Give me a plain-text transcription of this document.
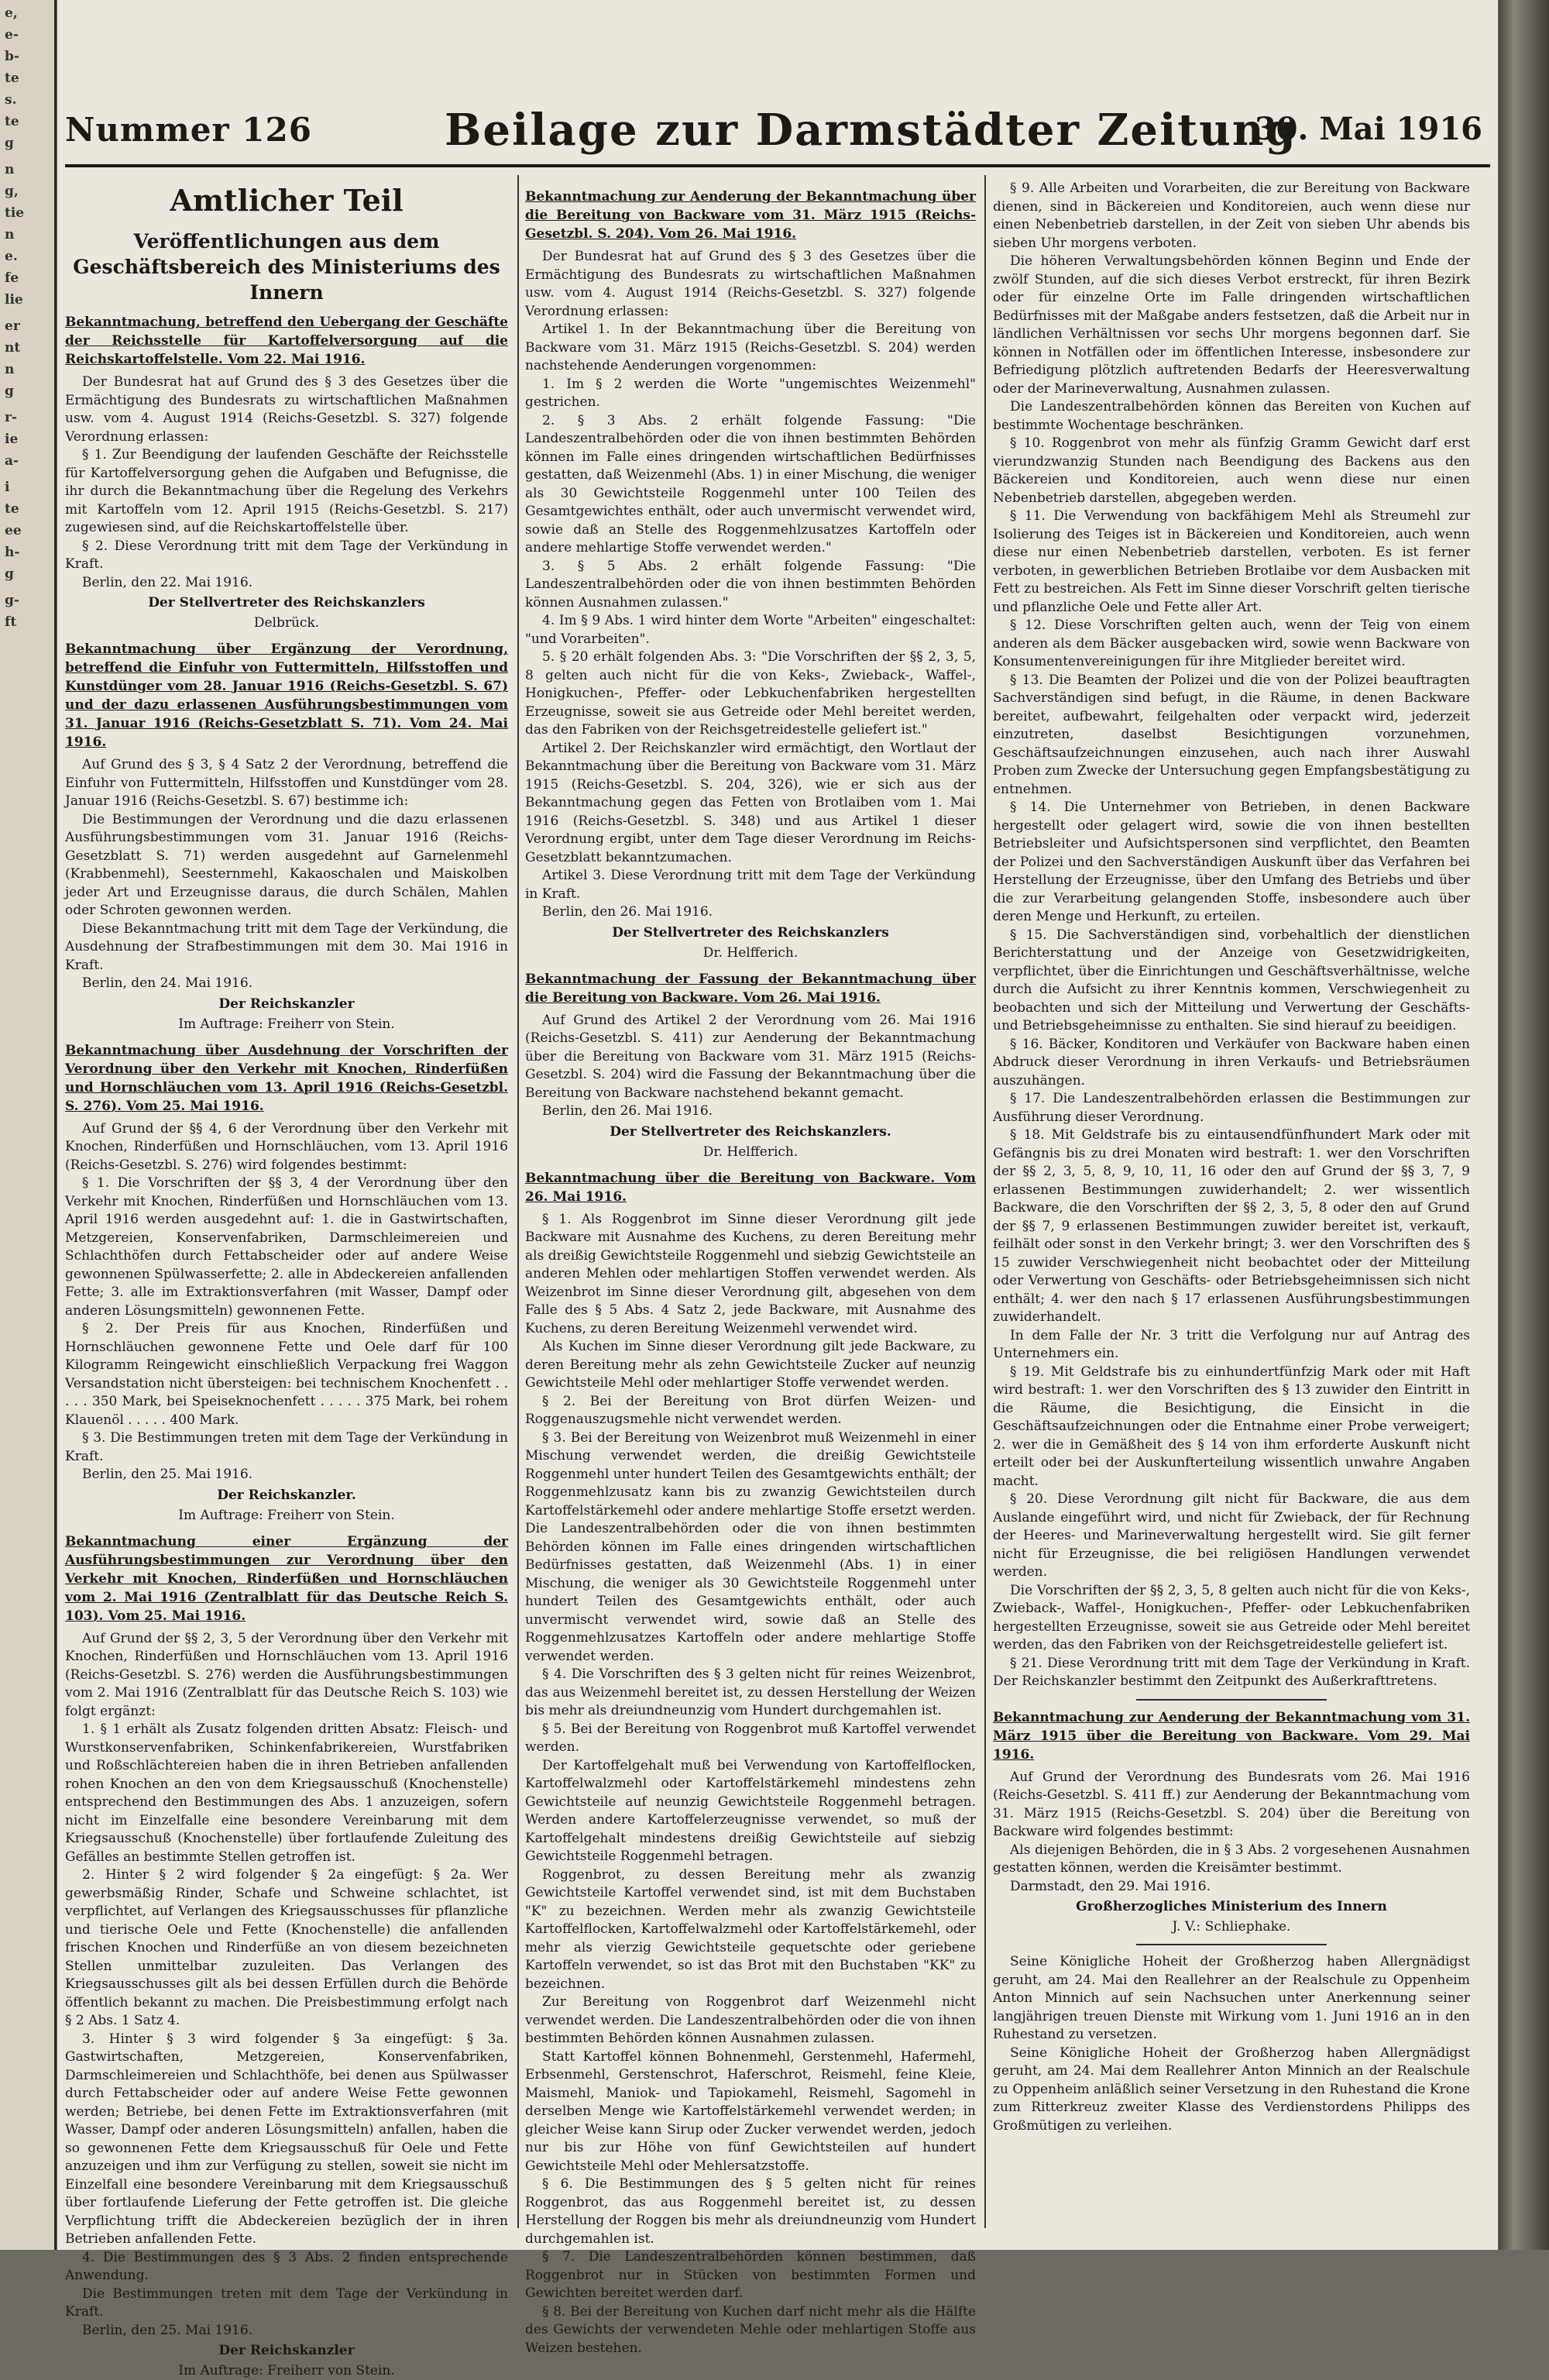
e,
e-
b-
te
s.
te
g
n
g,
tie
n
e.
fe
lie
er
nt
n
g
r-
ie
a-
i
te
ee
h-
g
g-
ft
Nummer 126	Beilage zur Darmstädter Zeitung
30. Mai 1916
Amtlicher Teil
Veröffentlichungen aus dem Geschäftsbereich des Ministeriums des Innern
Bekanntmachung, betreffend den Uebergang der Geschäfte der Reichsstelle für Kartoffelversorgung auf die Reichskartoffelstelle. Vom 22. Mai 1916.
Der Bundesrat hat auf Grund des § 3 des Gesetzes über die Ermächtigung des Bundesrats zu wirtschaftlichen Maßnahmen usw. vom 4. August 1914 (Reichs-Gesetzbl. S. 327) folgende Verordnung erlassen:
§ 1. Zur Beendigung der laufenden Geschäfte der Reichsstelle für Kartoffelversorgung gehen die Aufgaben und Befugnisse, die ihr durch die Bekanntmachung über die Regelung des Verkehrs mit Kartoffeln vom 12. April 1915 (Reichs-Gesetzbl. S. 217) zugewiesen sind, auf die Reichskartoffelstelle über.
§ 2. Diese Verordnung tritt mit dem Tage der Verkündung in Kraft.
Berlin, den 22. Mai 1916.
Der Stellvertreter des Reichskanzlers
Delbrück.
Bekanntmachung über Ergänzung der Verordnung, betreffend die Einfuhr von Futtermitteln, Hilfsstoffen und Kunstdünger vom 28. Januar 1916 (Reichs-Gesetzbl. S. 67) und der dazu erlassenen Ausführungsbestimmungen vom 31. Januar 1916 (Reichs-Gesetzblatt S. 71). Vom 24. Mai 1916.
Auf Grund des § 3, § 4 Satz 2 der Verordnung, betreffend die Einfuhr von Futtermitteln, Hilfsstoffen und Kunstdünger vom 28. Januar 1916 (Reichs-Gesetzbl. S. 67) bestimme ich:
Die Bestimmungen der Verordnung und die dazu erlassenen Ausführungsbestimmungen vom 31. Januar 1916 (Reichs-Gesetzblatt S. 71) werden ausgedehnt auf Garnelenmehl (Krabbenmehl), Seesternmehl, Kakaoschalen und Maiskolben jeder Art und Erzeugnisse daraus, die durch Schälen, Mahlen oder Schroten gewonnen werden.
Diese Bekanntmachung tritt mit dem Tage der Verkündung, die Ausdehnung der Strafbestimmungen mit dem 30. Mai 1916 in Kraft.
Berlin, den 24. Mai 1916.
Der Reichskanzler
Im Auftrage: Freiherr von Stein.
Bekanntmachung über Ausdehnung der Vorschriften der Verordnung über den Verkehr mit Knochen, Rinderfüßen und Hornschläuchen vom 13. April 1916 (Reichs-Gesetzbl. S. 276). Vom 25. Mai 1916.
Auf Grund der §§ 4, 6 der Verordnung über den Verkehr mit Knochen, Rinderfüßen und Hornschläuchen, vom 13. April 1916 (Reichs-Gesetzbl. S. 276) wird folgendes bestimmt:
§ 1. Die Vorschriften der §§ 3, 4 der Verordnung über den Verkehr mit Knochen, Rinderfüßen und Hornschläuchen vom 13. April 1916 werden ausgedehnt auf: 1. die in Gastwirtschaften, Metzgereien, Konservenfabriken, Darmschleimereien und Schlachthöfen durch Fettabscheider oder auf andere Weise gewonnenen Spülwasserfette; 2. alle in Abdeckereien anfallenden Fette; 3. alle im Extraktionsverfahren (mit Wasser, Dampf oder anderen Lösungsmitteln) gewonnenen Fette.
§ 2. Der Preis für aus Knochen, Rinderfüßen und Hornschläuchen gewonnene Fette und Oele darf für 100 Kilogramm Reingewicht einschließlich Verpackung frei Waggon Versandstation nicht übersteigen: bei technischem Knochenfett . . . . . 350 Mark, bei Speiseknochenfett . . . . . 375 Mark, bei rohem Klauenöl . . . . . 400 Mark.
§ 3. Die Bestimmungen treten mit dem Tage der Verkündung in Kraft.
Berlin, den 25. Mai 1916.
Der Reichskanzler.
Im Auftrage: Freiherr von Stein.
Bekanntmachung einer Ergänzung der Ausführungsbestimmungen zur Verordnung über den Verkehr mit Knochen, Rinderfüßen und Hornschläuchen vom 2. Mai 1916 (Zentralblatt für das Deutsche Reich S. 103). Vom 25. Mai 1916.
Auf Grund der §§ 2, 3, 5 der Verordnung über den Verkehr mit Knochen, Rinderfüßen und Hornschläuchen vom 13. April 1916 (Reichs-Gesetzbl. S. 276) werden die Ausführungsbestimmungen vom 2. Mai 1916 (Zentralblatt für das Deutsche Reich S. 103) wie folgt ergänzt:
1. § 1 erhält als Zusatz folgenden dritten Absatz: Fleisch- und Wurstkonservenfabriken, Schinkenfabrikereien, Wurstfabriken und Roßschlächtereien haben die in ihren Betrieben anfallenden rohen Knochen an den von dem Kriegsausschuß (Knochenstelle) entsprechend den Bestimmungen des Abs. 1 anzuzeigen, sofern nicht im Einzelfalle eine besondere Vereinbarung mit dem Kriegsausschuß (Knochenstelle) über fortlaufende Zuleitung des Gefälles an bestimmte Stellen getroffen ist.
2. Hinter § 2 wird folgender § 2a eingefügt: § 2a. Wer gewerbsmäßig Rinder, Schafe und Schweine schlachtet, ist verpflichtet, auf Verlangen des Kriegsausschusses für pflanzliche und tierische Oele und Fette (Knochenstelle) die anfallenden frischen Knochen und Rinderfüße an von diesem bezeichneten Stellen unmittelbar zuzuleiten. Das Verlangen des Kriegsausschusses gilt als bei dessen Erfüllen durch die Behörde öffentlich bekannt zu machen. Die Preisbestimmung erfolgt nach § 2 Abs. 1 Satz 4.
3. Hinter § 3 wird folgender § 3a eingefügt: § 3a. Gastwirtschaften, Metzgereien, Konservenfabriken, Darmschleimereien und Schlachthöfe, bei denen aus Spülwasser durch Fettabscheider oder auf andere Weise Fette gewonnen werden; Betriebe, bei denen Fette im Extraktionsverfahren (mit Wasser, Dampf oder anderen Lösungsmitteln) anfallen, haben die so gewonnenen Fette dem Kriegsausschuß für Oele und Fette anzuzeigen und ihm zur Verfügung zu stellen, soweit sie nicht im Einzelfall eine besondere Vereinbarung mit dem Kriegsausschuß über fortlaufende Lieferung der Fette getroffen ist. Die gleiche Verpflichtung trifft die Abdeckereien bezüglich der in ihren Betrieben anfallenden Fette.
4. Die Bestimmungen des § 3 Abs. 2 finden entsprechende Anwendung.
Die Bestimmungen treten mit dem Tage der Verkündung in Kraft.
Berlin, den 25. Mai 1916.
Der Reichskanzler
Im Auftrage: Freiherr von Stein.
Bekanntmachung zur Aenderung der Bekanntmachung über die Bereitung von Backware vom 31. März 1915 (Reichs-Gesetzbl. S. 204). Vom 26. Mai 1916.
Der Bundesrat hat auf Grund des § 3 des Gesetzes über die Ermächtigung des Bundesrats zu wirtschaftlichen Maßnahmen usw. vom 4. August 1914 (Reichs-Gesetzbl. S. 327) folgende Verordnung erlassen:
Artikel 1. In der Bekanntmachung über die Bereitung von Backware vom 31. März 1915 (Reichs-Gesetzbl. S. 204) werden nachstehende Aenderungen vorgenommen:
1. Im § 2 werden die Worte "ungemischtes Weizenmehl" gestrichen.
2. § 3 Abs. 2 erhält folgende Fassung: "Die Landeszentralbehörden oder die von ihnen bestimmten Behörden können im Falle eines dringenden wirtschaftlichen Bedürfnisses gestatten, daß Weizenmehl (Abs. 1) in einer Mischung, die weniger als 30 Gewichtsteile Roggenmehl unter 100 Teilen des Gesamtgewichtes enthält, oder auch unvermischt verwendet wird, sowie daß an Stelle des Roggenmehlzusatzes Kartoffeln oder andere mehlartige Stoffe verwendet werden."
3. § 5 Abs. 2 erhält folgende Fassung: "Die Landeszentralbehörden oder die von ihnen bestimmten Behörden können Ausnahmen zulassen."
4. Im § 9 Abs. 1 wird hinter dem Worte "Arbeiten" eingeschaltet: "und Vorarbeiten".
5. § 20 erhält folgenden Abs. 3: "Die Vorschriften der §§ 2, 3, 5, 8 gelten auch nicht für die von Keks-, Zwieback-, Waffel-, Honigkuchen-, Pfeffer- oder Lebkuchenfabriken hergestellten Erzeugnisse, soweit sie aus Getreide oder Mehl bereitet werden, das den Fabriken von der Reichsgetreidestelle geliefert ist."
Artikel 2. Der Reichskanzler wird ermächtigt, den Wortlaut der Bekanntmachung über die Bereitung von Backware vom 31. März 1915 (Reichs-Gesetzbl. S. 204, 326), wie er sich aus der Bekanntmachung gegen das Fetten von Brotlaiben vom 1. Mai 1916 (Reichs-Gesetzbl. S. 348) und aus Artikel 1 dieser Verordnung ergibt, unter dem Tage dieser Verordnung im Reichs-Gesetzblatt bekanntzumachen.
Artikel 3. Diese Verordnung tritt mit dem Tage der Verkündung in Kraft.
Berlin, den 26. Mai 1916.
Der Stellvertreter des Reichskanzlers
Dr. Helfferich.
Bekanntmachung der Fassung der Bekanntmachung über die Bereitung von Backware. Vom 26. Mai 1916.
Auf Grund des Artikel 2 der Verordnung vom 26. Mai 1916 (Reichs-Gesetzbl. S. 411) zur Aenderung der Bekanntmachung über die Bereitung von Backware vom 31. März 1915 (Reichs-Gesetzbl. S. 204) wird die Fassung der Bekanntmachung über die Bereitung von Backware nachstehend bekannt gemacht.
Berlin, den 26. Mai 1916.
Der Stellvertreter des Reichskanzlers.
Dr. Helfferich.
Bekanntmachung über die Bereitung von Backware. Vom 26. Mai 1916.
§ 1. Als Roggenbrot im Sinne dieser Verordnung gilt jede Backware mit Ausnahme des Kuchens, zu deren Bereitung mehr als dreißig Gewichtsteile Roggenmehl und siebzig Gewichtsteile an anderen Mehlen oder mehlartigen Stoffen verwendet werden. Als Weizenbrot im Sinne dieser Verordnung gilt, abgesehen von dem Falle des § 5 Abs. 4 Satz 2, jede Backware, mit Ausnahme des Kuchens, zu deren Bereitung Weizenmehl verwendet wird.
Als Kuchen im Sinne dieser Verordnung gilt jede Backware, zu deren Bereitung mehr als zehn Gewichtsteile Zucker auf neunzig Gewichtsteile Mehl oder mehlartiger Stoffe verwendet werden.
§ 2. Bei der Bereitung von Brot dürfen Weizen- und Roggenauszugsmehle nicht verwendet werden.
§ 3. Bei der Bereitung von Weizenbrot muß Weizenmehl in einer Mischung verwendet werden, die dreißig Gewichtsteile Roggenmehl unter hundert Teilen des Gesamtgewichts enthält; der Roggenmehlzusatz kann bis zu zwanzig Gewichtsteilen durch Kartoffelstärkemehl oder andere mehlartige Stoffe ersetzt werden. Die Landeszentralbehörden oder die von ihnen bestimmten Behörden können im Falle eines dringenden wirtschaftlichen Bedürfnisses gestatten, daß Weizenmehl (Abs. 1) in einer Mischung, die weniger als 30 Gewichtsteile Roggenmehl unter hundert Teilen des Gesamtgewichts enthält, oder auch unvermischt verwendet wird, sowie daß an Stelle des Roggenmehlzusatzes Kartoffeln oder andere mehlartige Stoffe verwendet werden.
§ 4. Die Vorschriften des § 3 gelten nicht für reines Weizenbrot, das aus Weizenmehl bereitet ist, zu dessen Herstellung der Weizen bis mehr als dreiundneunzig vom Hundert durchgemahlen ist.
§ 5. Bei der Bereitung von Roggenbrot muß Kartoffel verwendet werden.
Der Kartoffelgehalt muß bei Verwendung von Kartoffelflocken, Kartoffelwalzmehl oder Kartoffelstärkemehl mindestens zehn Gewichtsteile auf neunzig Gewichtsteile Roggenmehl betragen. Werden andere Kartoffelerzeugnisse verwendet, so muß der Kartoffelgehalt mindestens dreißig Gewichtsteile auf siebzig Gewichtsteile Roggenmehl betragen.
Roggenbrot, zu dessen Bereitung mehr als zwanzig Gewichtsteile Kartoffel verwendet sind, ist mit dem Buchstaben "K" zu bezeichnen. Werden mehr als zwanzig Gewichtsteile Kartoffelflocken, Kartoffelwalzmehl oder Kartoffelstärkemehl, oder mehr als vierzig Gewichtsteile gequetschte oder geriebene Kartoffeln verwendet, so ist das Brot mit den Buchstaben "KK" zu bezeichnen.
Zur Bereitung von Roggenbrot darf Weizenmehl nicht verwendet werden. Die Landeszentralbehörden oder die von ihnen bestimmten Behörden können Ausnahmen zulassen.
Statt Kartoffel können Bohnenmehl, Gerstenmehl, Hafermehl, Erbsenmehl, Gerstenschrot, Haferschrot, Reismehl, feine Kleie, Maismehl, Maniok- und Tapiokamehl, Reismehl, Sagomehl in derselben Menge wie Kartoffelstärkemehl verwendet werden; in gleicher Weise kann Sirup oder Zucker verwendet werden, jedoch nur bis zur Höhe von fünf Gewichtsteilen auf hundert Gewichtsteile Mehl oder Mehlersatzstoffe.
§ 6. Die Bestimmungen des § 5 gelten nicht für reines Roggenbrot, das aus Roggenmehl bereitet ist, zu dessen Herstellung der Roggen bis mehr als dreiundneunzig vom Hundert durchgemahlen ist.
§ 7. Die Landeszentralbehörden können bestimmen, daß Roggenbrot nur in Stücken von bestimmten Formen und Gewichten bereitet werden darf.
§ 8. Bei der Bereitung von Kuchen darf nicht mehr als die Hälfte des Gewichts der verwendeten Mehle oder mehlartigen Stoffe aus Weizen bestehen.
§ 9. Alle Arbeiten und Vorarbeiten, die zur Bereitung von Backware dienen, sind in Bäckereien und Konditoreien, auch wenn diese nur einen Nebenbetrieb darstellen, in der Zeit von sieben Uhr abends bis sieben Uhr morgens verboten.
Die höheren Verwaltungsbehörden können Beginn und Ende der zwölf Stunden, auf die sich dieses Verbot erstreckt, für ihren Bezirk oder für einzelne Orte im Falle dringenden wirtschaftlichen Bedürfnisses mit der Maßgabe anders festsetzen, daß die Arbeit nur in ländlichen Verhältnissen vor sechs Uhr morgens begonnen darf. Sie können in Notfällen oder im öffentlichen Interesse, insbesondere zur Befriedigung plötzlich auftretenden Bedarfs der Heeresverwaltung oder der Marineverwaltung, Ausnahmen zulassen.
Die Landeszentralbehörden können das Bereiten von Kuchen auf bestimmte Wochentage beschränken.
§ 10. Roggenbrot von mehr als fünfzig Gramm Gewicht darf erst vierundzwanzig Stunden nach Beendigung des Backens aus den Bäckereien und Konditoreien, auch wenn diese nur einen Nebenbetrieb darstellen, abgegeben werden.
§ 11. Die Verwendung von backfähigem Mehl als Streumehl zur Isolierung des Teiges ist in Bäckereien und Konditoreien, auch wenn diese nur einen Nebenbetrieb darstellen, verboten. Es ist ferner verboten, in gewerblichen Betrieben Brotlaibe vor dem Ausbacken mit Fett zu bestreichen. Als Fett im Sinne dieser Vorschrift gelten tierische und pflanzliche Oele und Fette aller Art.
§ 12. Diese Vorschriften gelten auch, wenn der Teig von einem anderen als dem Bäcker ausgebacken wird, sowie wenn Backware von Konsumentenvereinigungen für ihre Mitglieder bereitet wird.
§ 13. Die Beamten der Polizei und die von der Polizei beauftragten Sachverständigen sind befugt, in die Räume, in denen Backware bereitet, aufbewahrt, feilgehalten oder verpackt wird, jederzeit einzutreten, daselbst Besichtigungen vorzunehmen, Geschäftsaufzeichnungen einzusehen, auch nach ihrer Auswahl Proben zum Zwecke der Untersuchung gegen Empfangsbestätigung zu entnehmen.
§ 14. Die Unternehmer von Betrieben, in denen Backware hergestellt oder gelagert wird, sowie die von ihnen bestellten Betriebsleiter und Aufsichtspersonen sind verpflichtet, den Beamten der Polizei und den Sachverständigen Auskunft über das Verfahren bei Herstellung der Erzeugnisse, über den Umfang des Betriebs und über die zur Verarbeitung gelangenden Stoffe, insbesondere auch über deren Menge und Herkunft, zu erteilen.
§ 15. Die Sachverständigen sind, vorbehaltlich der dienstlichen Berichterstattung und der Anzeige von Gesetzwidrigkeiten, verpflichtet, über die Einrichtungen und Geschäftsverhältnisse, welche durch die Aufsicht zu ihrer Kenntnis kommen, Verschwiegenheit zu beobachten und sich der Mitteilung und Verwertung der Geschäfts- und Betriebsgeheimnisse zu enthalten. Sie sind hierauf zu beeidigen.
§ 16. Bäcker, Konditoren und Verkäufer von Backware haben einen Abdruck dieser Verordnung in ihren Verkaufs- und Betriebsräumen auszuhängen.
§ 17. Die Landeszentralbehörden erlassen die Bestimmungen zur Ausführung dieser Verordnung.
§ 18. Mit Geldstrafe bis zu eintausendfünfhundert Mark oder mit Gefängnis bis zu drei Monaten wird bestraft: 1. wer den Vorschriften der §§ 2, 3, 5, 8, 9, 10, 11, 16 oder den auf Grund der §§ 3, 7, 9 erlassenen Bestimmungen zuwiderhandelt; 2. wer wissentlich Backware, die den Vorschriften der §§ 2, 3, 5, 8 oder den auf Grund der §§ 7, 9 erlassenen Bestimmungen zuwider bereitet ist, verkauft, feilhält oder sonst in den Verkehr bringt; 3. wer den Vorschriften des § 15 zuwider Verschwiegenheit nicht beobachtet oder der Mitteilung oder Verwertung von Geschäfts- oder Betriebsgeheimnissen sich nicht enthält; 4. wer den nach § 17 erlassenen Ausführungsbestimmungen zuwiderhandelt.
In dem Falle der Nr. 3 tritt die Verfolgung nur auf Antrag des Unternehmers ein.
§ 19. Mit Geldstrafe bis zu einhundertfünfzig Mark oder mit Haft wird bestraft: 1. wer den Vorschriften des § 13 zuwider den Eintritt in die Räume, die Besichtigung, die Einsicht in die Geschäftsaufzeichnungen oder die Entnahme einer Probe verweigert; 2. wer die in Gemäßheit des § 14 von ihm erforderte Auskunft nicht erteilt oder bei der Auskunfterteilung wissentlich unwahre Angaben macht.
§ 20. Diese Verordnung gilt nicht für Backware, die aus dem Auslande eingeführt wird, und nicht für Zwieback, der für Rechnung der Heeres- und Marineverwaltung hergestellt wird. Sie gilt ferner nicht für Erzeugnisse, die bei religiösen Handlungen verwendet werden.
Die Vorschriften der §§ 2, 3, 5, 8 gelten auch nicht für die von Keks-, Zwieback-, Waffel-, Honigkuchen-, Pfeffer- oder Lebkuchenfabriken hergestellten Erzeugnisse, soweit sie aus Getreide oder Mehl bereitet werden, das den Fabriken von der Reichsgetreidestelle geliefert ist.
§ 21. Diese Verordnung tritt mit dem Tage der Verkündung in Kraft. Der Reichskanzler bestimmt den Zeitpunkt des Außerkrafttretens.
Bekanntmachung zur Aenderung der Bekanntmachung vom 31. März 1915 über die Bereitung von Backware. Vom 29. Mai 1916.
Auf Grund der Verordnung des Bundesrats vom 26. Mai 1916 (Reichs-Gesetzbl. S. 411 ff.) zur Aenderung der Bekanntmachung vom 31. März 1915 (Reichs-Gesetzbl. S. 204) über die Bereitung von Backware wird folgendes bestimmt:
Als diejenigen Behörden, die in § 3 Abs. 2 vorgesehenen Ausnahmen gestatten können, werden die Kreisämter bestimmt.
Darmstadt, den 29. Mai 1916.
Großherzogliches Ministerium des Innern
J. V.: Schliephake.
Seine Königliche Hoheit der Großherzog haben Allergnädigst geruht, am 24. Mai den Reallehrer an der Realschule zu Oppenheim Anton Minnich auf sein Nachsuchen unter Anerkennung seiner langjährigen treuen Dienste mit Wirkung vom 1. Juni 1916 an in den Ruhestand zu versetzen.
Seine Königliche Hoheit der Großherzog haben Allergnädigst geruht, am 24. Mai dem Reallehrer Anton Minnich an der Realschule zu Oppenheim anläßlich seiner Versetzung in den Ruhestand die Krone zum Ritterkreuz zweiter Klasse des Verdienstordens Philipps des Großmütigen zu verleihen.
